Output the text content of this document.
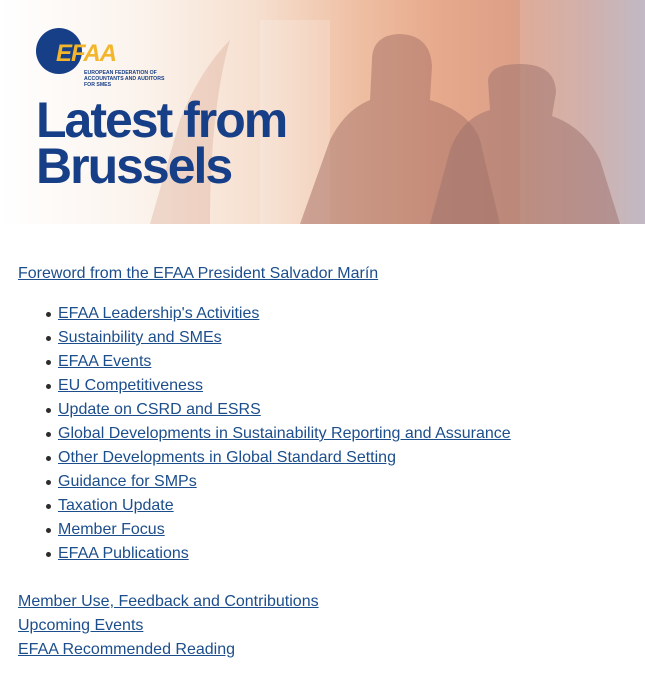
EFAA
EUROPEAN FEDERATION OF ACCOUNTANTS AND AUDITORS FOR SMES
Latest from
Brussels
Foreword from the EFAA President Salvador Marín
EFAA Leadership's Activities
Sustainbility and SMEs
EFAA Events
EU Competitiveness
Update on CSRD and ESRS
Global Developments in Sustainability Reporting and Assurance
Other Developments in Global Standard Setting
Guidance for SMPs
Taxation Update
Member Focus
EFAA Publications
Member Use, Feedback and Contributions
Upcoming Events
EFAA Recommended Reading
